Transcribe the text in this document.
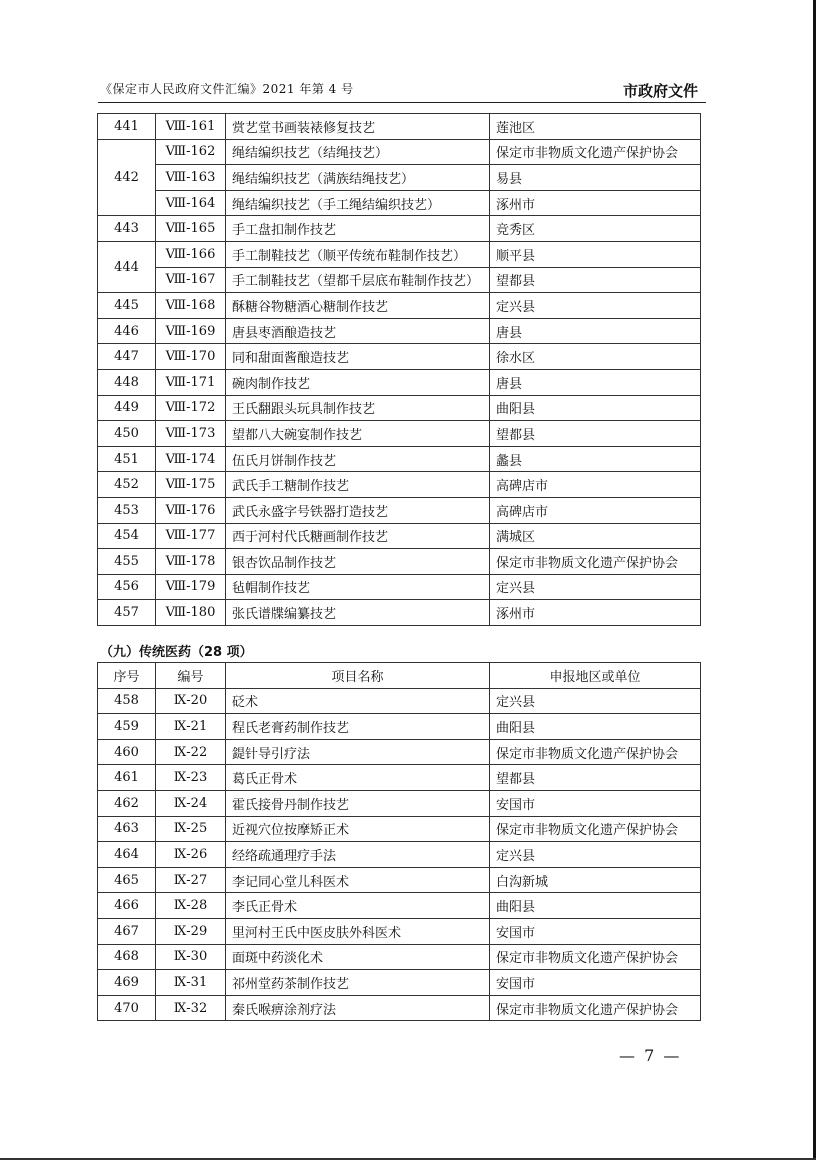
《保定市人民政府文件汇编》2021 年第 4 号	市政府文件
441	Ⅷ-161	赏艺堂书画装裱修复技艺	莲池区
442	Ⅷ-162	绳结编织技艺（结绳技艺）	保定市非物质文化遗产保护协会
	Ⅷ-163	绳结编织技艺（满族结绳技艺）	易县
	Ⅷ-164	绳结编织技艺（手工绳结编织技艺）	涿州市
443	Ⅷ-165	手工盘扣制作技艺	竞秀区
444	Ⅷ-166	手工制鞋技艺（顺平传统布鞋制作技艺）	顺平县
	Ⅷ-167	手工制鞋技艺（望都千层底布鞋制作技艺）	望都县
445	Ⅷ-168	酥糖谷物糖酒心糖制作技艺	定兴县
446	Ⅷ-169	唐县枣酒酿造技艺	唐县
447	Ⅷ-170	同和甜面酱酿造技艺	徐水区
448	Ⅷ-171	碗肉制作技艺	唐县
449	Ⅷ-172	王氏翻跟头玩具制作技艺	曲阳县
450	Ⅷ-173	望都八大碗宴制作技艺	望都县
451	Ⅷ-174	伍氏月饼制作技艺	蠡县
452	Ⅷ-175	武氏手工糖制作技艺	高碑店市
453	Ⅷ-176	武氏永盛字号铁器打造技艺	高碑店市
454	Ⅷ-177	西于河村代氏糖画制作技艺	满城区
455	Ⅷ-178	银杏饮品制作技艺	保定市非物质文化遗产保护协会
456	Ⅷ-179	毡帽制作技艺	定兴县
457	Ⅷ-180	张氏谱牒编纂技艺	涿州市
（九）传统医药（28 项）
序号	编号	项目名称	申报地区或单位
458	Ⅸ-20	砭术	定兴县
459	Ⅸ-21	程氏老膏药制作技艺	曲阳县
460	Ⅸ-22	鍉针导引疗法	保定市非物质文化遗产保护协会
461	Ⅸ-23	葛氏正骨术	望都县
462	Ⅸ-24	霍氏接骨丹制作技艺	安国市
463	Ⅸ-25	近视穴位按摩矫正术	保定市非物质文化遗产保护协会
464	Ⅸ-26	经络疏通理疗手法	定兴县
465	Ⅸ-27	李记同心堂儿科医术	白沟新城
466	Ⅸ-28	李氏正骨术	曲阳县
467	Ⅸ-29	里河村王氏中医皮肤外科医术	安国市
468	Ⅸ-30	面斑中药淡化术	保定市非物质文化遗产保护协会
469	Ⅸ-31	祁州堂药茶制作技艺	安国市
470	Ⅸ-32	秦氏喉痹涂剂疗法	保定市非物质文化遗产保护协会
— 7 —
